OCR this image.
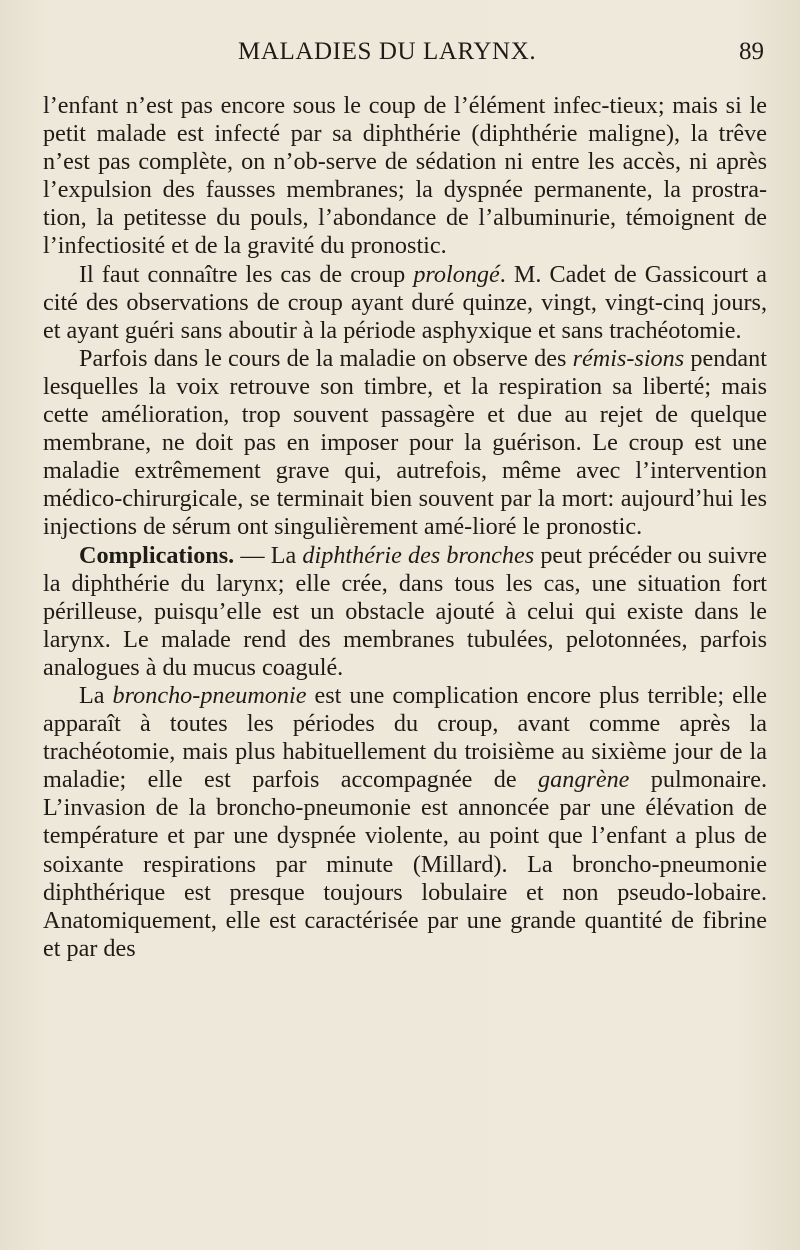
MALADIES DU LARYNX.	89

l’enfant n’est pas encore sous le coup de l’élément infec-tieux; mais si le petit malade est infecté par sa diphthérie (diphthérie maligne), la trêve n’est pas complète, on n’ob-serve de sédation ni entre les accès, ni après l’expulsion des fausses membranes; la dyspnée permanente, la prostra-tion, la petitesse du pouls, l’abondance de l’albuminurie, témoignent de l’infectiosité et de la gravité du pronostic.

Il faut connaître les cas de croup prolongé. M. Cadet de Gassicourt a cité des observations de croup ayant duré quinze, vingt, vingt-cinq jours, et ayant guéri sans aboutir à la période asphyxique et sans trachéotomie.

Parfois dans le cours de la maladie on observe des rémis-sions pendant lesquelles la voix retrouve son timbre, et la respiration sa liberté; mais cette amélioration, trop souvent passagère et due au rejet de quelque membrane, ne doit pas en imposer pour la guérison. Le croup est une maladie extrêmement grave qui, autrefois, même avec l’intervention médico-chirurgicale, se terminait bien souvent par la mort: aujourd’hui les injections de sérum ont singulièrement amé-lioré le pronostic.

Complications. — La diphthérie des bronches peut précéder ou suivre la diphthérie du larynx; elle crée, dans tous les cas, une situation fort périlleuse, puisqu’elle est un obstacle ajouté à celui qui existe dans le larynx. Le malade rend des membranes tubulées, pelotonnées, parfois analogues à du mucus coagulé.

La broncho-pneumonie est une complication encore plus terrible; elle apparaît à toutes les périodes du croup, avant comme après la trachéotomie, mais plus habituellement du troisième au sixième jour de la maladie; elle est parfois accompagnée de gangrène pulmonaire. L’invasion de la broncho-pneumonie est annoncée par une élévation de température et par une dyspnée violente, au point que l’enfant a plus de soixante respirations par minute (Millard). La broncho-pneumonie diphthérique est presque toujours lobulaire et non pseudo-lobaire. Anatomiquement, elle est caractérisée par une grande quantité de fibrine et par des
